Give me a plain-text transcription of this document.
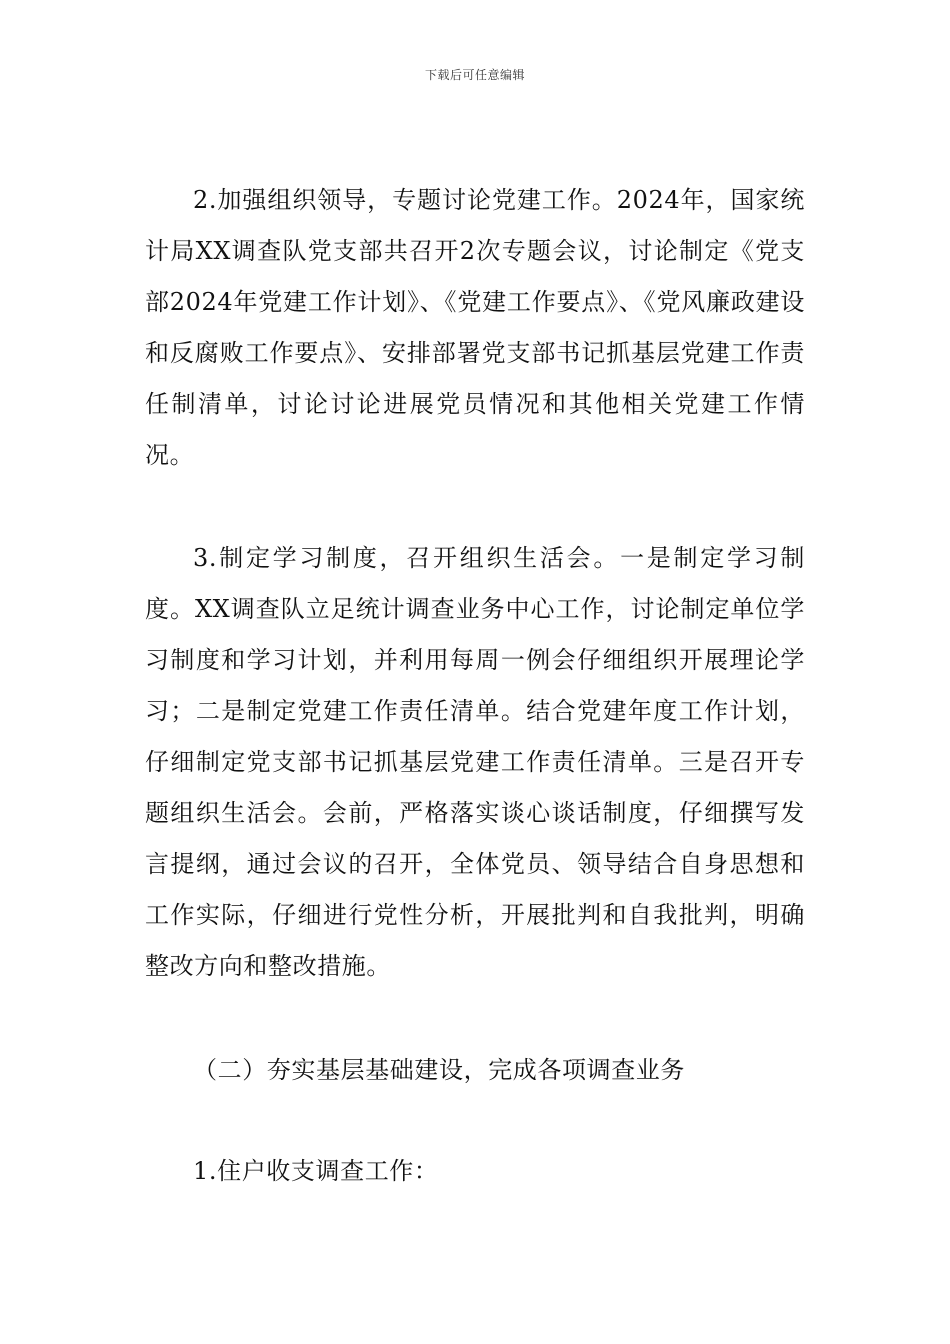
下载后可任意编辑

2.加强组织领导，专题讨论党建工作。2024年，国家统计局XX调查队党支部共召开2次专题会议，讨论制定《党支部2024年党建工作计划》、《党建工作要点》、《党风廉政建设和反腐败工作要点》、安排部署党支部书记抓基层党建工作责任制清单，讨论讨论进展党员情况和其他相关党建工作情况。

3.制定学习制度，召开组织生活会。一是制定学习制度。XX调查队立足统计调查业务中心工作，讨论制定单位学习制度和学习计划，并利用每周一例会仔细组织开展理论学习；二是制定党建工作责任清单。结合党建年度工作计划，仔细制定党支部书记抓基层党建工作责任清单。三是召开专题组织生活会。会前，严格落实谈心谈话制度，仔细撰写发言提纲，通过会议的召开，全体党员、领导结合自身思想和工作实际，仔细进行党性分析，开展批判和自我批判，明确整改方向和整改措施。

（二）夯实基层基础建设，完成各项调查业务

1.住户收支调查工作：
